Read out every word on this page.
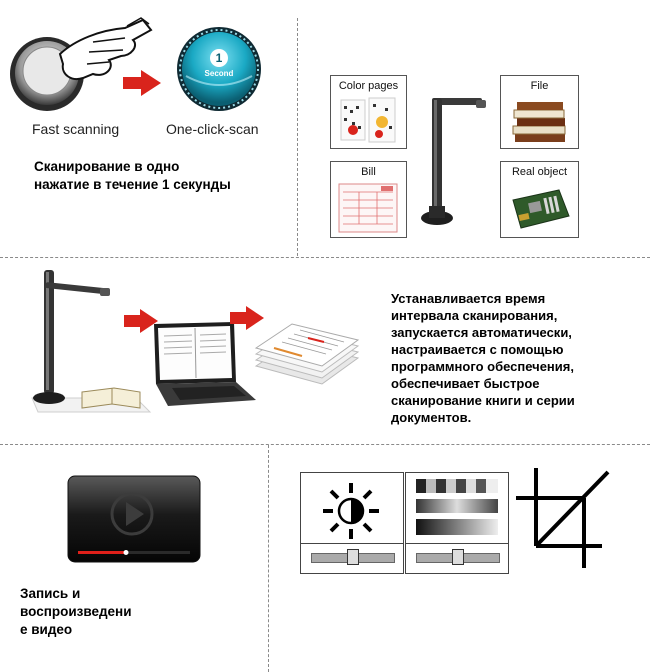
1
Second
Fast scanning	One-click-scan
Сканирование в одно
нажатие в течение 1 секунды
Color pages	File
Bill	Real object
Устанавливается время
интервала сканирования,
запускается автоматически,
настраивается с помощью
программного обеспечения,
обеспечивает быстрое
сканирование книги и серии
документов.
Запись и
воспроизведени
е видео
